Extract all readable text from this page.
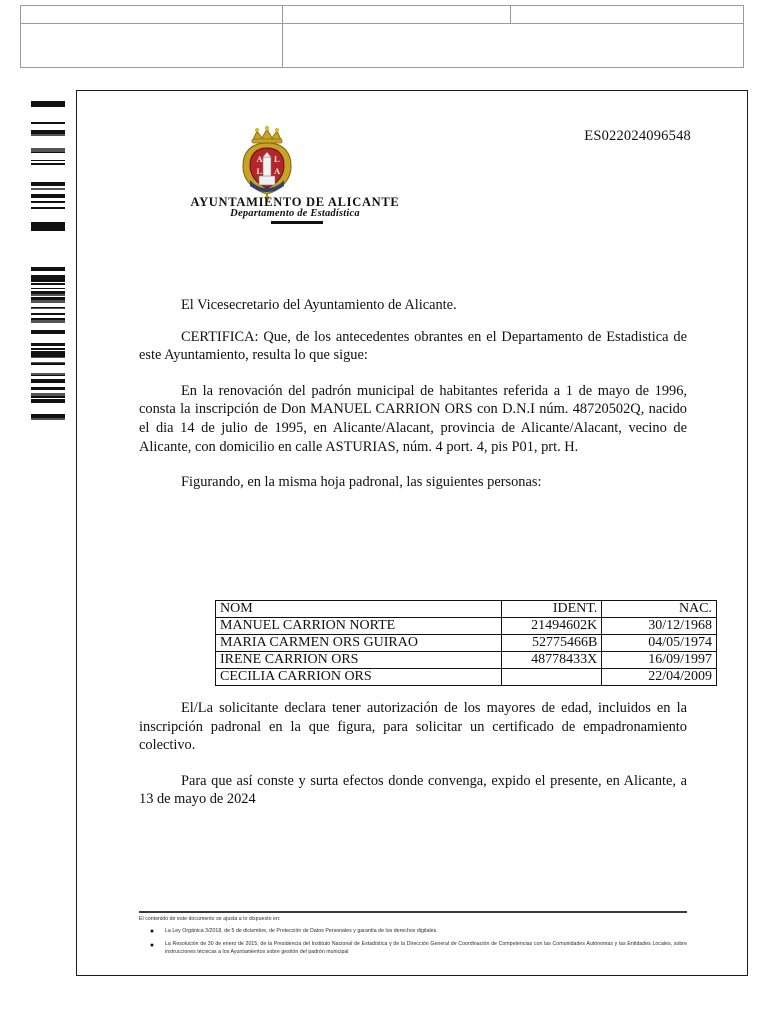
ES022024096548
A L
L A
AYUNTAMIENTO DE ALICANTE
Departamento de Estadística

El Vicesecretario del Ayuntamiento de Alicante.

CERTIFICA: Que, de los antecedentes obrantes en el Departamento de Estadistica de este Ayuntamiento, resulta lo que sigue:

En la renovación del padrón municipal de habitantes referida a 1 de mayo de 1996, consta la inscripción de Don MANUEL CARRION ORS con D.N.I núm. 48720502Q, nacido el dia 14 de julio de 1995, en Alicante/Alacant, provincia de Alicante/Alacant, vecino de Alicante, con domicilio en calle ASTURIAS, núm. 4 port. 4, pis P01, prt. H.

Figurando, en la misma hoja padronal, las siguientes personas:

NOM	IDENT.	NAC.
MANUEL CARRION NORTE	21494602K	30/12/1968
MARIA CARMEN ORS GUIRAO	52775466B	04/05/1974
IRENE CARRION ORS	48778433X	16/09/1997
CECILIA CARRION ORS		22/04/2009

El/La solicitante declara tener autorización de los mayores de edad, incluidos en la inscripción padronal en la que figura, para solicitar un certificado de empadronamiento colectivo.

Para que así conste y surta efectos donde convenga, expido el presente, en Alicante, a 13 de mayo de 2024

El contenido de este documento se ajusta a lo dispuesto en:
●	La Ley Orgánica 3/2018, de 5 de diciembre, de Protección de Datos Personales y garantía de los derechos digitales.
●	La Resolución de 30 de enero de 2015, de la Presidencia del Instituto Nacional de Estadística y de la Dirección General de Coordinación de Competencias con las Comunidades Autónomas y las Entidades Locales, sobre instrucciones técnicas a los Ayuntamientos sobre gestión del padrón municipal
